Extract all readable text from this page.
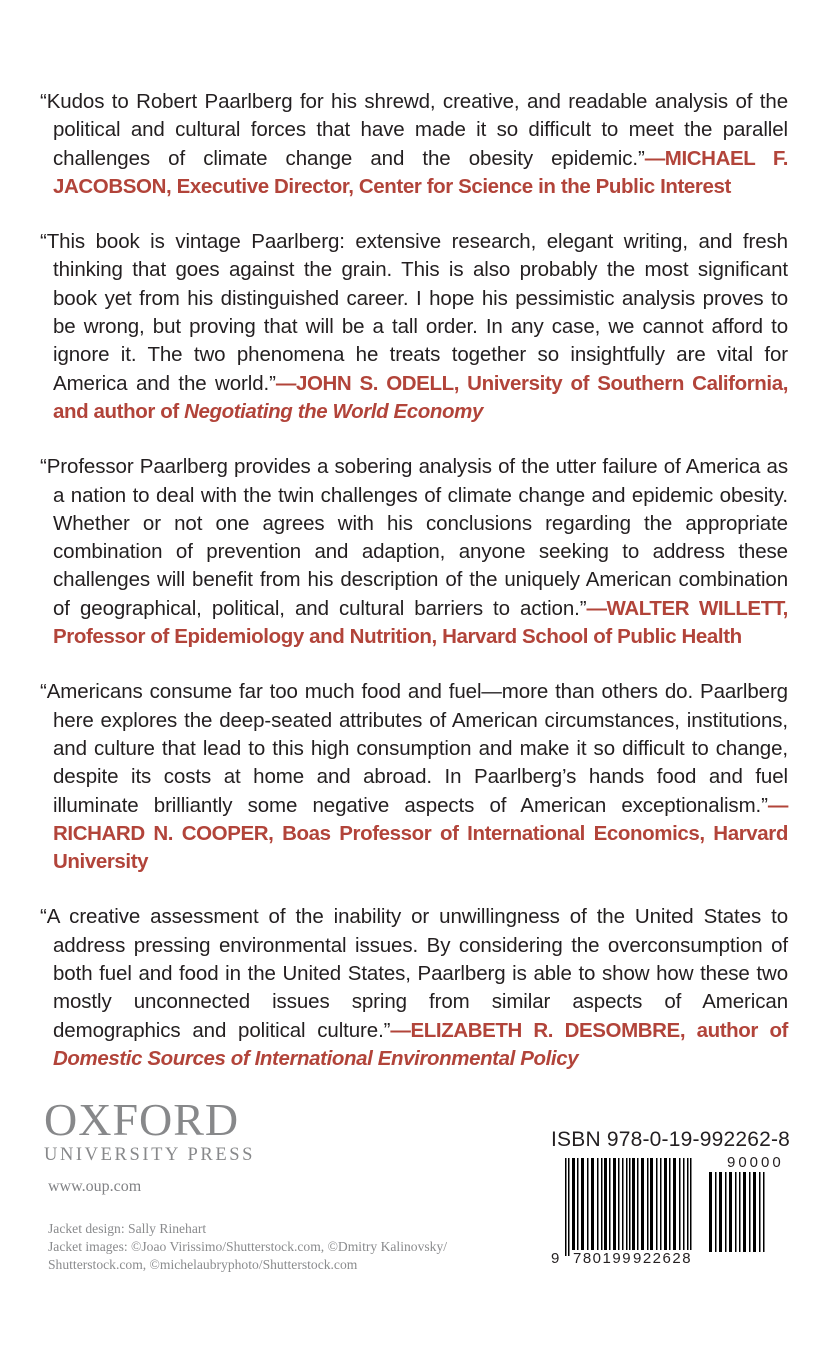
“Kudos to Robert Paarlberg for his shrewd, creative, and readable analysis of the political and cultural forces that have made it so difficult to meet the parallel challenges of climate change and the obesity epidemic.”—MICHAEL F. JACOBSON, Executive Director, Center for Science in the Public Interest

“This book is vintage Paarlberg: extensive research, elegant writing, and fresh thinking that goes against the grain. This is also probably the most significant book yet from his distinguished career. I hope his pessimistic analysis proves to be wrong, but proving that will be a tall order. In any case, we cannot afford to ignore it. The two phenomena he treats together so insightfully are vital for America and the world.”—JOHN S. ODELL, University of Southern California, and author of Negotiating the World Economy

“Professor Paarlberg provides a sobering analysis of the utter failure of America as a nation to deal with the twin challenges of climate change and epidemic obesity. Whether or not one agrees with his conclusions regarding the appropriate combination of prevention and adaption, anyone seeking to address these challenges will benefit from his description of the uniquely American combination of geographical, political, and cultural barriers to action.”—WALTER WILLETT, Professor of Epidemiology and Nutrition, Harvard School of Public Health

“Americans consume far too much food and fuel—more than others do. Paarlberg here explores the deep-seated attributes of American circumstances, institutions, and culture that lead to this high consumption and make it so difficult to change, despite its costs at home and abroad. In Paarlberg’s hands food and fuel illuminate brilliantly some negative aspects of American exceptionalism.”—RICHARD N. COOPER, Boas Professor of International Economics, Harvard University

“A creative assessment of the inability or unwillingness of the United States to address pressing environmental issues. By considering the overconsumption of both fuel and food in the United States, Paarlberg is able to show how these two mostly unconnected issues spring from similar aspects of American demographics and political culture.”—ELIZABETH R. DESOMBRE, author of Domestic Sources of International Environmental Policy

OXFORD
UNIVERSITY PRESS
www.oup.com
Jacket design: Sally Rinehart
Jacket images: ©Joao Virissimo/Shutterstock.com, ©Dmitry Kalinovsky/
Shutterstock.com, ©michelaubryphoto/Shutterstock.com
ISBN 978-0-19-992262-8
9 780199 922628
90000
